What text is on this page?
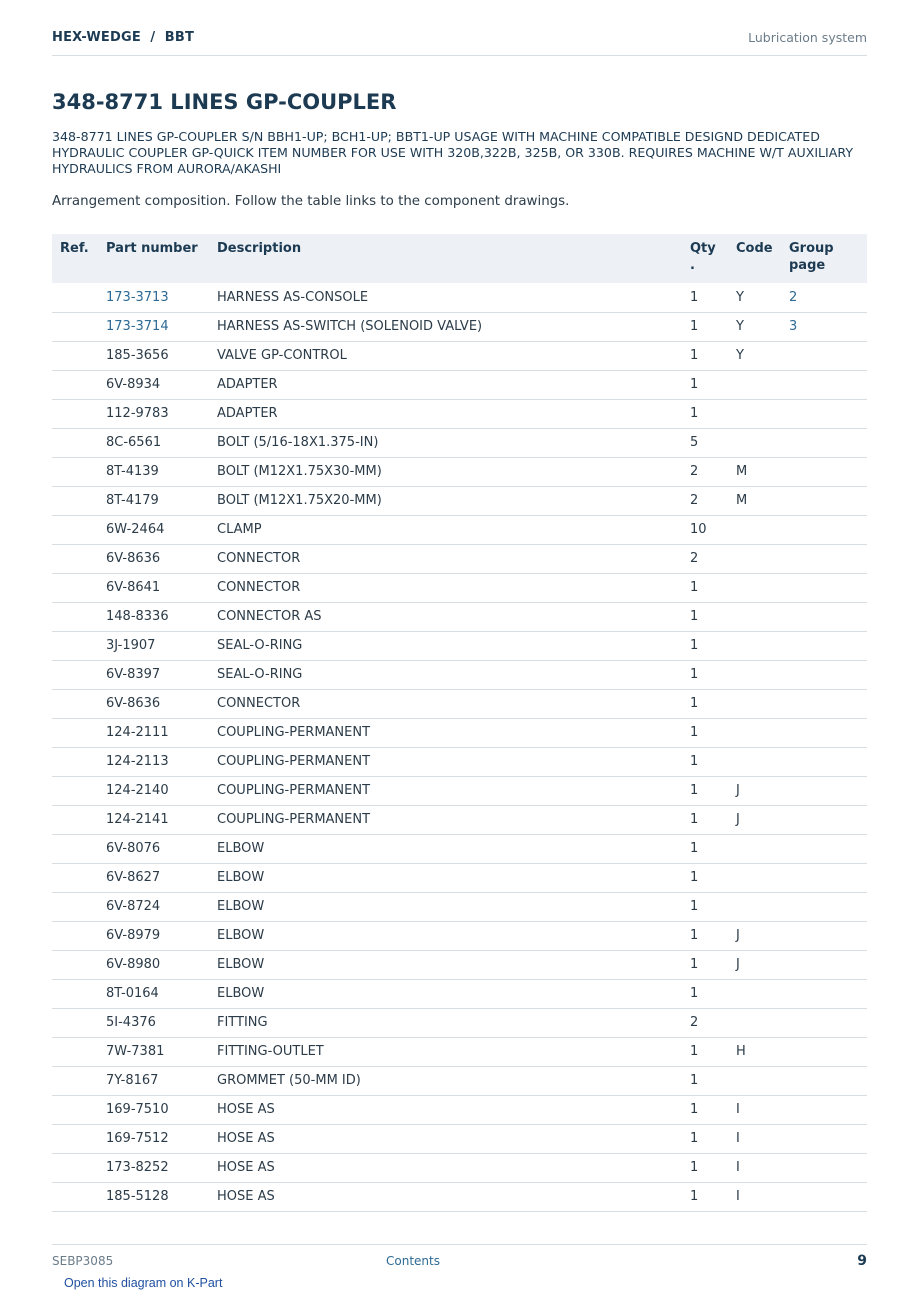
HEX-WEDGE  /  BBT	Lubrication system
348-8771 LINES GP-COUPLER

348-8771 LINES GP-COUPLER S/N BBH1-UP; BCH1-UP; BBT1-UP USAGE WITH MACHINE COMPATIBLE DESIGND DEDICATED HYDRAULIC COUPLER GP-QUICK ITEM NUMBER FOR USE WITH 320B,322B, 325B, OR 330B. REQUIRES MACHINE W/T AUXILIARY HYDRAULICS FROM AURORA/AKASHI

Arrangement composition. Follow the table links to the component drawings.

Ref.	Part number	Description	Qty .	Code	Group page
	173-3713	HARNESS AS-CONSOLE	1	Y	2
	173-3714	HARNESS AS-SWITCH (SOLENOID VALVE)	1	Y	3
	185-3656	VALVE GP-CONTROL	1	Y	
	6V-8934	ADAPTER	1		
	112-9783	ADAPTER	1		
	8C-6561	BOLT (5/16-18X1.375-IN)	5		
	8T-4139	BOLT (M12X1.75X30-MM)	2	M	
	8T-4179	BOLT (M12X1.75X20-MM)	2	M	
	6W-2464	CLAMP	10		
	6V-8636	CONNECTOR	2		
	6V-8641	CONNECTOR	1		
	148-8336	CONNECTOR AS	1		
	3J-1907	SEAL-O-RING	1		
	6V-8397	SEAL-O-RING	1		
	6V-8636	CONNECTOR	1		
	124-2111	COUPLING-PERMANENT	1		
	124-2113	COUPLING-PERMANENT	1		
	124-2140	COUPLING-PERMANENT	1	J	
	124-2141	COUPLING-PERMANENT	1	J	
	6V-8076	ELBOW	1		
	6V-8627	ELBOW	1		
	6V-8724	ELBOW	1		
	6V-8979	ELBOW	1	J	
	6V-8980	ELBOW	1	J	
	8T-0164	ELBOW	1		
	5I-4376	FITTING	2		
	7W-7381	FITTING-OUTLET	1	H	
	7Y-8167	GROMMET (50-MM ID)	1		
	169-7510	HOSE AS	1	I	
	169-7512	HOSE AS	1	I	
	173-8252	HOSE AS	1	I	
	185-5128	HOSE AS	1	I	
SEBP3085	Contents	9
Open this diagram on K-Part
